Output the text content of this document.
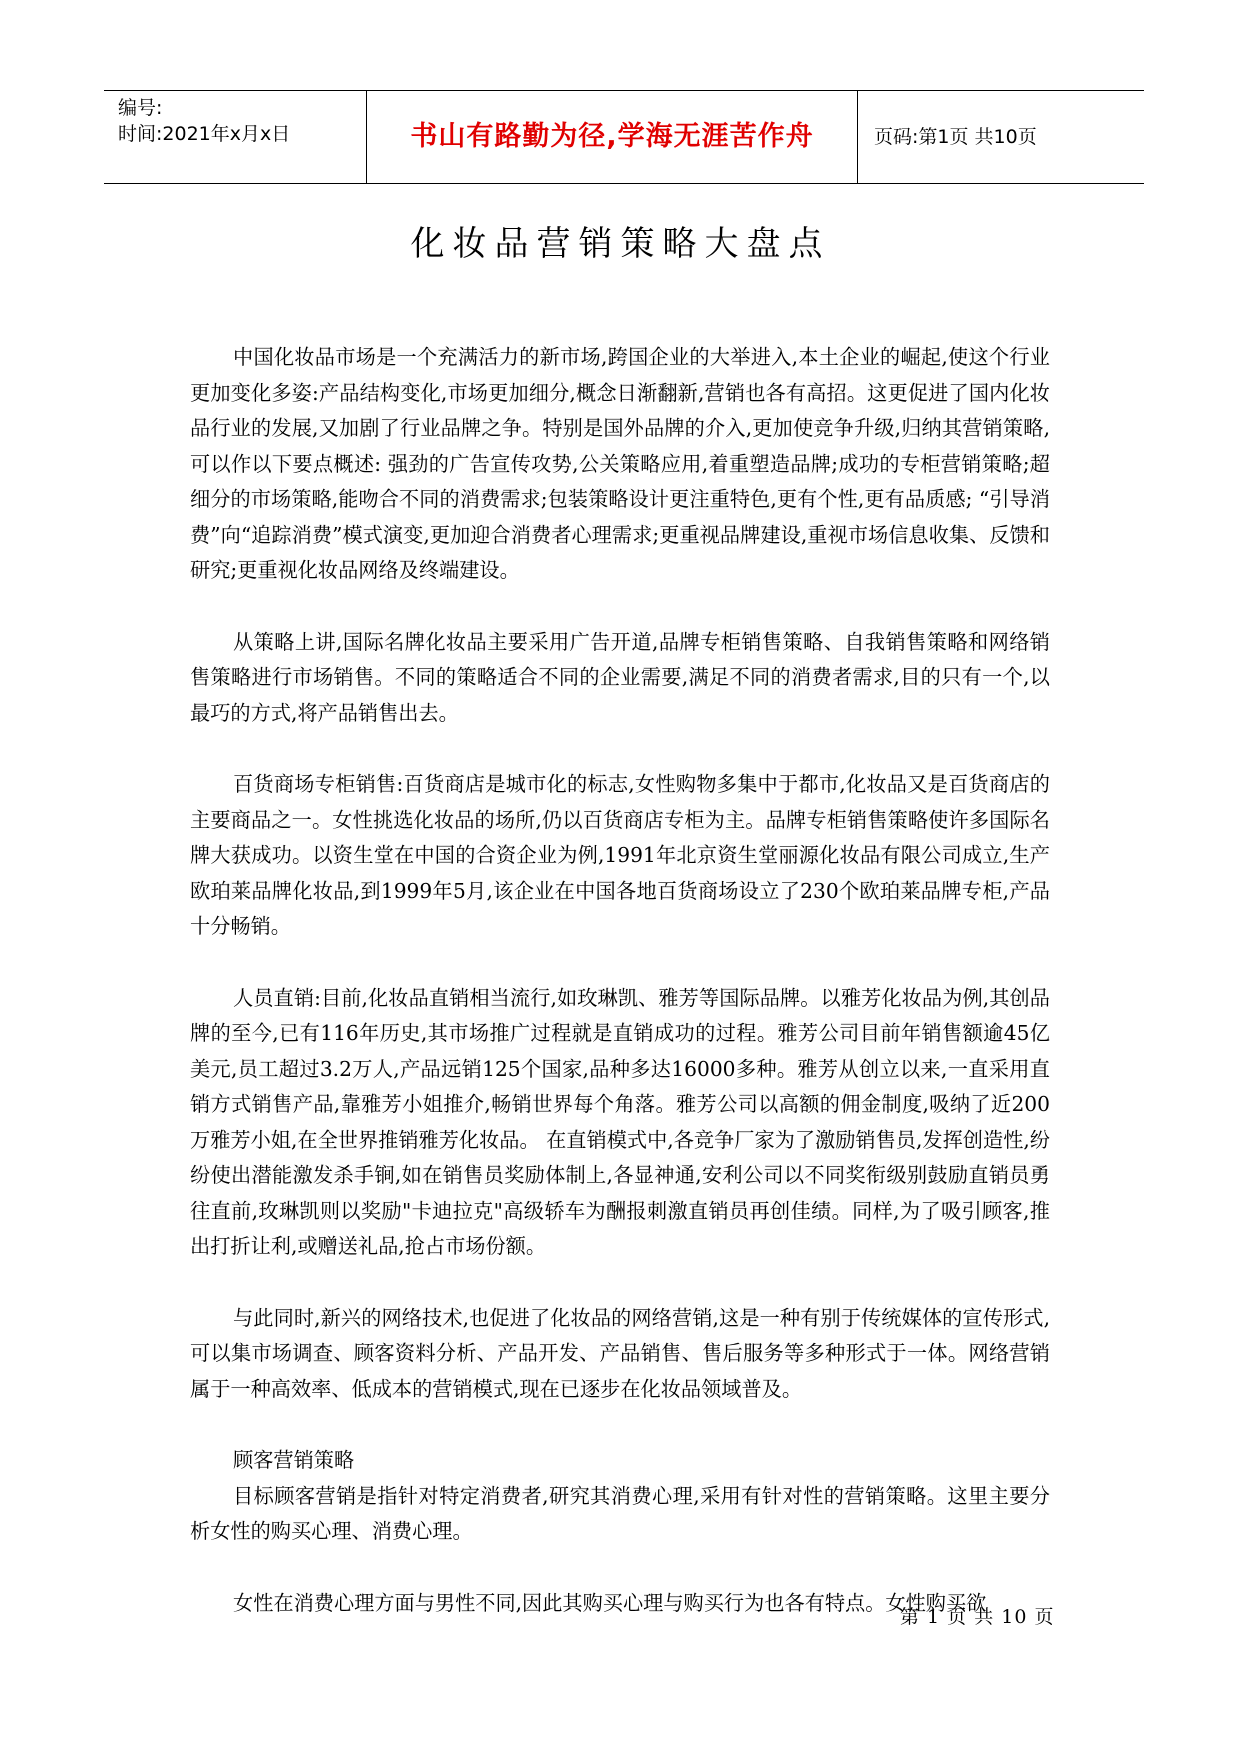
编号:
时间:2021年x月x日	书山有路勤为径,学海无涯苦作舟	页码:第1页 共10页
化妆品营销策略大盘点

中国化妆品市场是一个充满活力的新市场,跨国企业的大举进入,本土企业的崛起,使这个行业更加变化多姿:产品结构变化,市场更加细分,概念日渐翻新,营销也各有高招。这更促进了国内化妆品行业的发展,又加剧了行业品牌之争。特别是国外品牌的介入,更加使竞争升级,归纳其营销策略,可以作以下要点概述: 强劲的广告宣传攻势,公关策略应用,着重塑造品牌;成功的专柜营销策略;超细分的市场策略,能吻合不同的消费需求;包装策略设计更注重特色,更有个性,更有品质感; “引导消费”向“追踪消费”模式演变,更加迎合消费者心理需求;更重视品牌建设,重视市场信息收集、反馈和研究;更重视化妆品网络及终端建设。

从策略上讲,国际名牌化妆品主要采用广告开道,品牌专柜销售策略、自我销售策略和网络销售策略进行市场销售。不同的策略适合不同的企业需要,满足不同的消费者需求,目的只有一个,以最巧的方式,将产品销售出去。

百货商场专柜销售:百货商店是城市化的标志,女性购物多集中于都市,化妆品又是百货商店的主要商品之一。女性挑选化妆品的场所,仍以百货商店专柜为主。品牌专柜销售策略使许多国际名牌大获成功。以资生堂在中国的合资企业为例,1991年北京资生堂丽源化妆品有限公司成立,生产欧珀莱品牌化妆品,到1999年5月,该企业在中国各地百货商场设立了230个欧珀莱品牌专柜,产品十分畅销。

人员直销:目前,化妆品直销相当流行,如玫琳凯、雅芳等国际品牌。以雅芳化妆品为例,其创品牌的至今,已有116年历史,其市场推广过程就是直销成功的过程。雅芳公司目前年销售额逾45亿美元,员工超过3.2万人,产品远销125个国家,品种多达16000多种。雅芳从创立以来,一直采用直销方式销售产品,靠雅芳小姐推介,畅销世界每个角落。雅芳公司以高额的佣金制度,吸纳了近200万雅芳小姐,在全世界推销雅芳化妆品。 在直销模式中,各竞争厂家为了激励销售员,发挥创造性,纷纷使出潜能激发杀手锏,如在销售员奖励体制上,各显神通,安利公司以不同奖衔级别鼓励直销员勇往直前,玫琳凯则以奖励"卡迪拉克"高级轿车为酬报刺激直销员再创佳绩。同样,为了吸引顾客,推出打折让利,或赠送礼品,抢占市场份额。

与此同时,新兴的网络技术,也促进了化妆品的网络营销,这是一种有别于传统媒体的宣传形式,可以集市场调查、顾客资料分析、产品开发、产品销售、售后服务等多种形式于一体。网络营销属于一种高效率、低成本的营销模式,现在已逐步在化妆品领域普及。

顾客营销策略

目标顾客营销是指针对特定消费者,研究其消费心理,采用有针对性的营销策略。这里主要分析女性的购买心理、消费心理。

女性在消费心理方面与男性不同,因此其购买心理与购买行为也各有特点。女性购买欲

第 1 页 共 10 页
